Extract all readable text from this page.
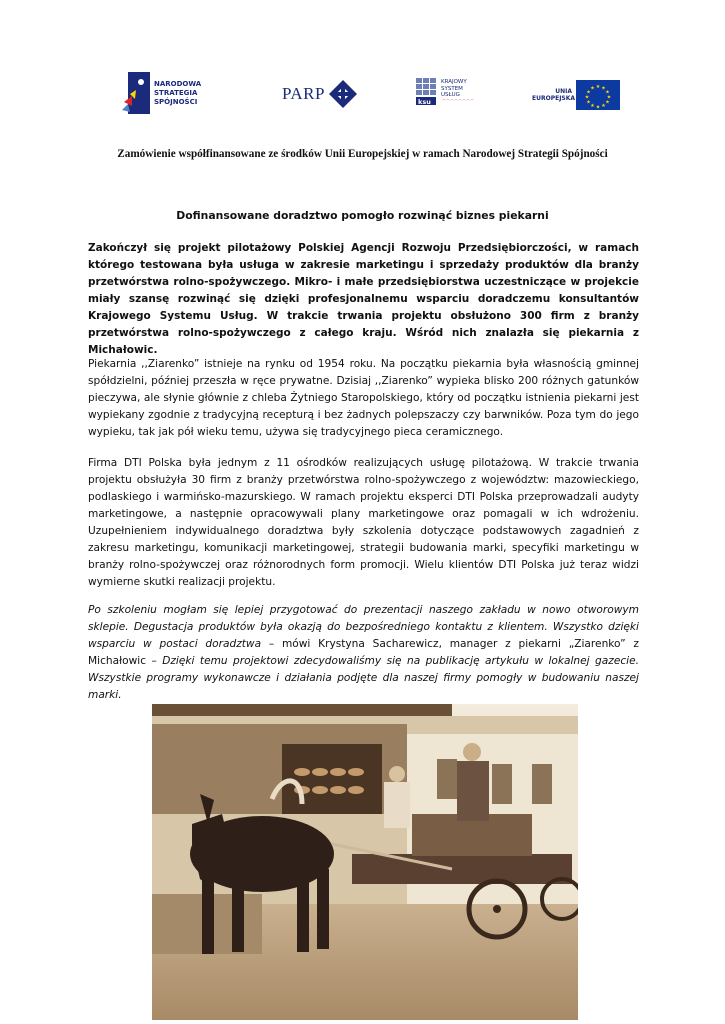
NARODOWA STRATEGIA SPÓJNOŚCI	PARP	ksu
KRAJOWY
SYSTEM
USŁUG
⌒⌒⌒⌒⌒⌒⌒⌒
UNIA EUROPEJSKA
★ ★
★
★
★
★
★
★
★
★
★
★
Zamówienie współfinansowane ze środków Unii Europejskiej w ramach Narodowej Strategii Spójności
Dofinansowane doradztwo pomogło rozwinąć biznes piekarni

Zakończył się projekt pilotażowy Polskiej Agencji Rozwoju Przedsiębiorczości, w ramach którego testowana była usługa w zakresie marketingu i sprzedaży produktów dla branży przetwórstwa rolno-spożywczego. Mikro- i małe przedsiębiorstwa uczestniczące w projekcie miały szansę rozwinąć się dzięki profesjonalnemu wsparciu doradczemu konsultantów Krajowego Systemu Usług. W trakcie trwania projektu obsłużono 300 firm z branży przetwórstwa rolno-spożywczego z całego kraju. Wśród nich znalazła się piekarnia z Michałowic.

Piekarnia ,,Ziarenko” istnieje na rynku od 1954 roku. Na początku piekarnia była własnością gminnej spółdzielni, później przeszła w ręce prywatne. Dzisiaj ,,Ziarenko” wypieka blisko 200 różnych gatunków pieczywa, ale słynie głównie z chleba Żytniego Staropolskiego, który od początku istnienia piekarni jest wypiekany zgodnie z tradycyjną recepturą i bez żadnych polepszaczy czy barwników. Poza tym do jego wypieku, tak jak pół wieku temu, używa się tradycyjnego pieca ceramicznego.

Firma DTI Polska była jednym z 11 ośrodków realizujących usługę pilotażową. W trakcie trwania projektu obsłużyła 30 firm z branży przetwórstwa rolno-spożywczego z województw: mazowieckiego, podlaskiego i warmińsko-mazurskiego. W ramach projektu eksperci DTI Polska przeprowadzali audyty marketingowe, a następnie opracowywali plany marketingowe oraz pomagali w ich wdrożeniu. Uzupełnieniem indywidualnego doradztwa były szkolenia dotyczące podstawowych zagadnień z zakresu marketingu, komunikacji marketingowej, strategii budowania marki, specyfiki marketingu w branży rolno-spożywczej oraz różnorodnych form promocji. Wielu klientów DTI Polska już teraz widzi wymierne skutki realizacji projektu.

Po szkoleniu mogłam się lepiej przygotować do prezentacji naszego zakładu w nowo otworowym sklepie. Degustacja produktów była okazją do bezpośredniego kontaktu z klientem. Wszystko dzięki wsparciu w postaci doradztwa – mówi Krystyna Sacharewicz, manager z piekarni „Ziarenko” z Michałowic – Dzięki temu projektowi zdecydowaliśmy się na publikację artykułu w lokalnej gazecie. Wszystkie programy wykonawcze i działania podjęte dla naszej firmy pomogły w budowaniu naszej marki.
